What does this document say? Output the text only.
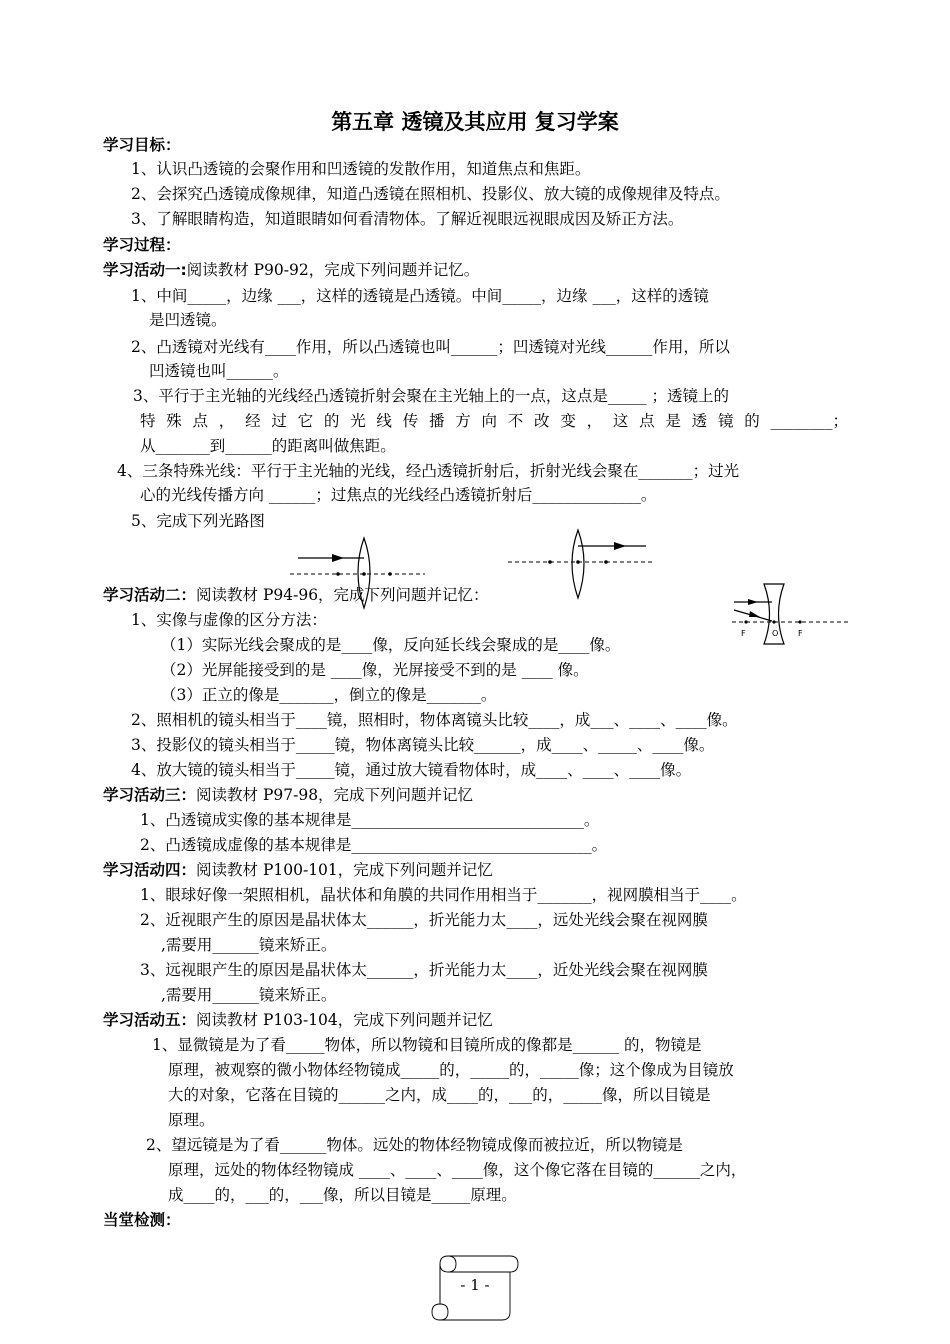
第五章 透镜及其应用 复习学案
学习目标：
1、认识凸透镜的会聚作用和凹透镜的发散作用，知道焦点和焦距。
2、会探究凸透镜成像规律，知道凸透镜在照相机、投影仪、放大镜的成像规律及特点。
3、了解眼睛构造，知道眼睛如何看清物体。了解近视眼远视眼成因及矫正方法。
学习过程：
学习活动一:阅读教材 P90-92，完成下列问题并记忆。
1、中间_____，边缘 ___，这样的透镜是凸透镜。中间_____，边缘 ___，这样的透镜
是凹透镜。
2、凸透镜对光线有____作用，所以凸透镜也叫______；凹透镜对光线______作用，所以
凹透镜也叫______。
3、平行于主光轴的光线经凸透镜折射会聚在主光轴上的一点，这点是_____ ；透镜上的
特殊点，经过它的光线传播方向不改变，这点是透镜的________；
从_______到______的距离叫做焦距。
4、三条特殊光线：平行于主光轴的光线，经凸透镜折射后，折射光线会聚在_______；过光
心的光线传播方向 ______；过焦点的光线经凸透镜折射后______________。
5、完成下列光路图
F	O F
学习活动二：阅读教材 P94-96，完成下列问题并记忆：
1、实像与虚像的区分方法：
（1）实际光线会聚成的是____像，反向延长线会聚成的是____像。
（2）光屏能接受到的是 ____像，光屏接受不到的是 ____ 像。
（3）正立的像是_______，倒立的像是_______。
2、照相机的镜头相当于____镜，照相时，物体离镜头比较____，成___、____、____像。
3、投影仪的镜头相当于_____镜，物体离镜头比较______，成____、_____、____像。
4、放大镜的镜头相当于_____镜，通过放大镜看物体时，成____、____、____像。
学习活动三：阅读教材 P97-98，完成下列问题并记忆
1、凸透镜成实像的基本规律是______________________________。
2、凸透镜成虚像的基本规律是_______________________________。
学习活动四：阅读教材 P100-101，完成下列问题并记忆
1、眼球好像一架照相机，晶状体和角膜的共同作用相当于_______，视网膜相当于____。
2、近视眼产生的原因是晶状体太______，折光能力太____，远处光线会聚在视网膜
,需要用______镜来矫正。
3、远视眼产生的原因是晶状体太______，折光能力太____，近处光线会聚在视网膜
,需要用______镜来矫正。
学习活动五：阅读教材 P103-104，完成下列问题并记忆
1、显微镜是为了看_____物体，所以物镜和目镜所成的像都是______ 的，物镜是
原理，被观察的微小物体经物镜成_____的，_____的，_____像；这个像成为目镜放
大的对象，它落在目镜的______之内，成____的，___的，_____像，所以目镜是
原理。
2、望远镜是为了看______物体。远处的物体经物镜成像而被拉近，所以物镜是
原理，远处的物体经物镜成 ____、____、____像，这个像它落在目镜的______之内，
成____的，___的，___像，所以目镜是_____原理。
当堂检测：
- 1 -
